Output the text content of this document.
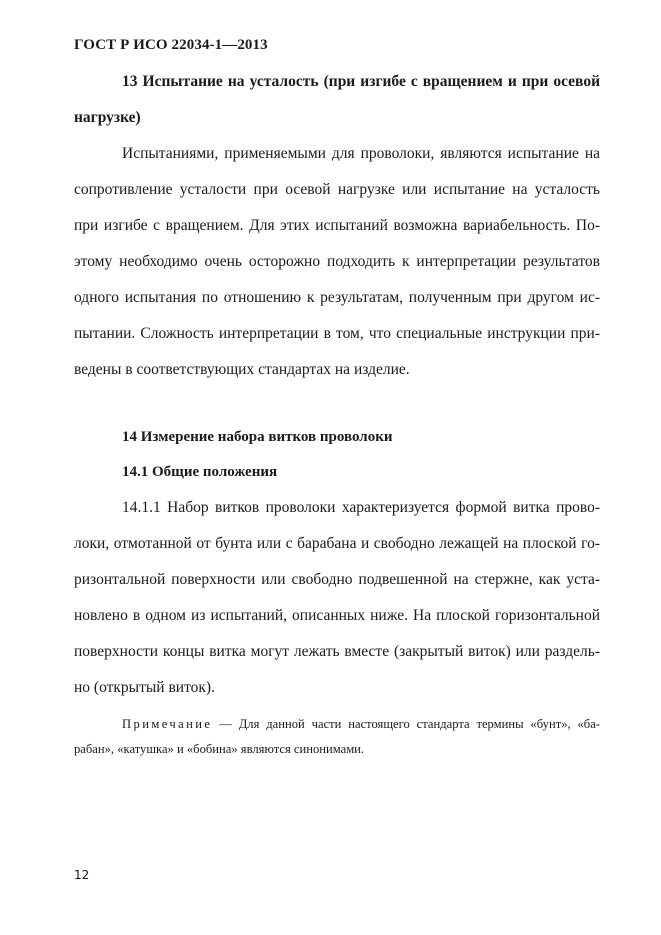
ГОСТ Р ИСО 22034-1—2013
13 Испытание на усталость (при изгибе с вращением и при осевой
нагрузке)
Испытаниями, применяемыми для проволоки, являются испытание на
сопротивление усталости при осевой нагрузке или испытание на усталость
при изгибе с вращением. Для этих испытаний возможна вариабельность. По-
этому необходимо очень осторожно подходить к интерпретации результатов
одного испытания по отношению к результатам, полученным при другом ис-
пытании. Сложность интерпретации в том, что специальные инструкции при-
ведены в соответствующих стандартах на изделие.
14 Измерение набора витков проволоки
14.1 Общие положения
14.1.1 Набор витков проволоки характеризуется формой витка прово-
локи, отмотанной от бунта или с барабана и свободно лежащей на плоской го-
ризонтальной поверхности или свободно подвешенной на стержне, как уста-
новлено в одном из испытаний, описанных ниже. На плоской горизонтальной
поверхности концы витка могут лежать вместе (закрытый виток) или раздель-
но (открытый виток).
Примечание — Для данной части настоящего стандарта термины «бунт», «ба-
рабан», «катушка» и «бобина» являются синонимами.
12
